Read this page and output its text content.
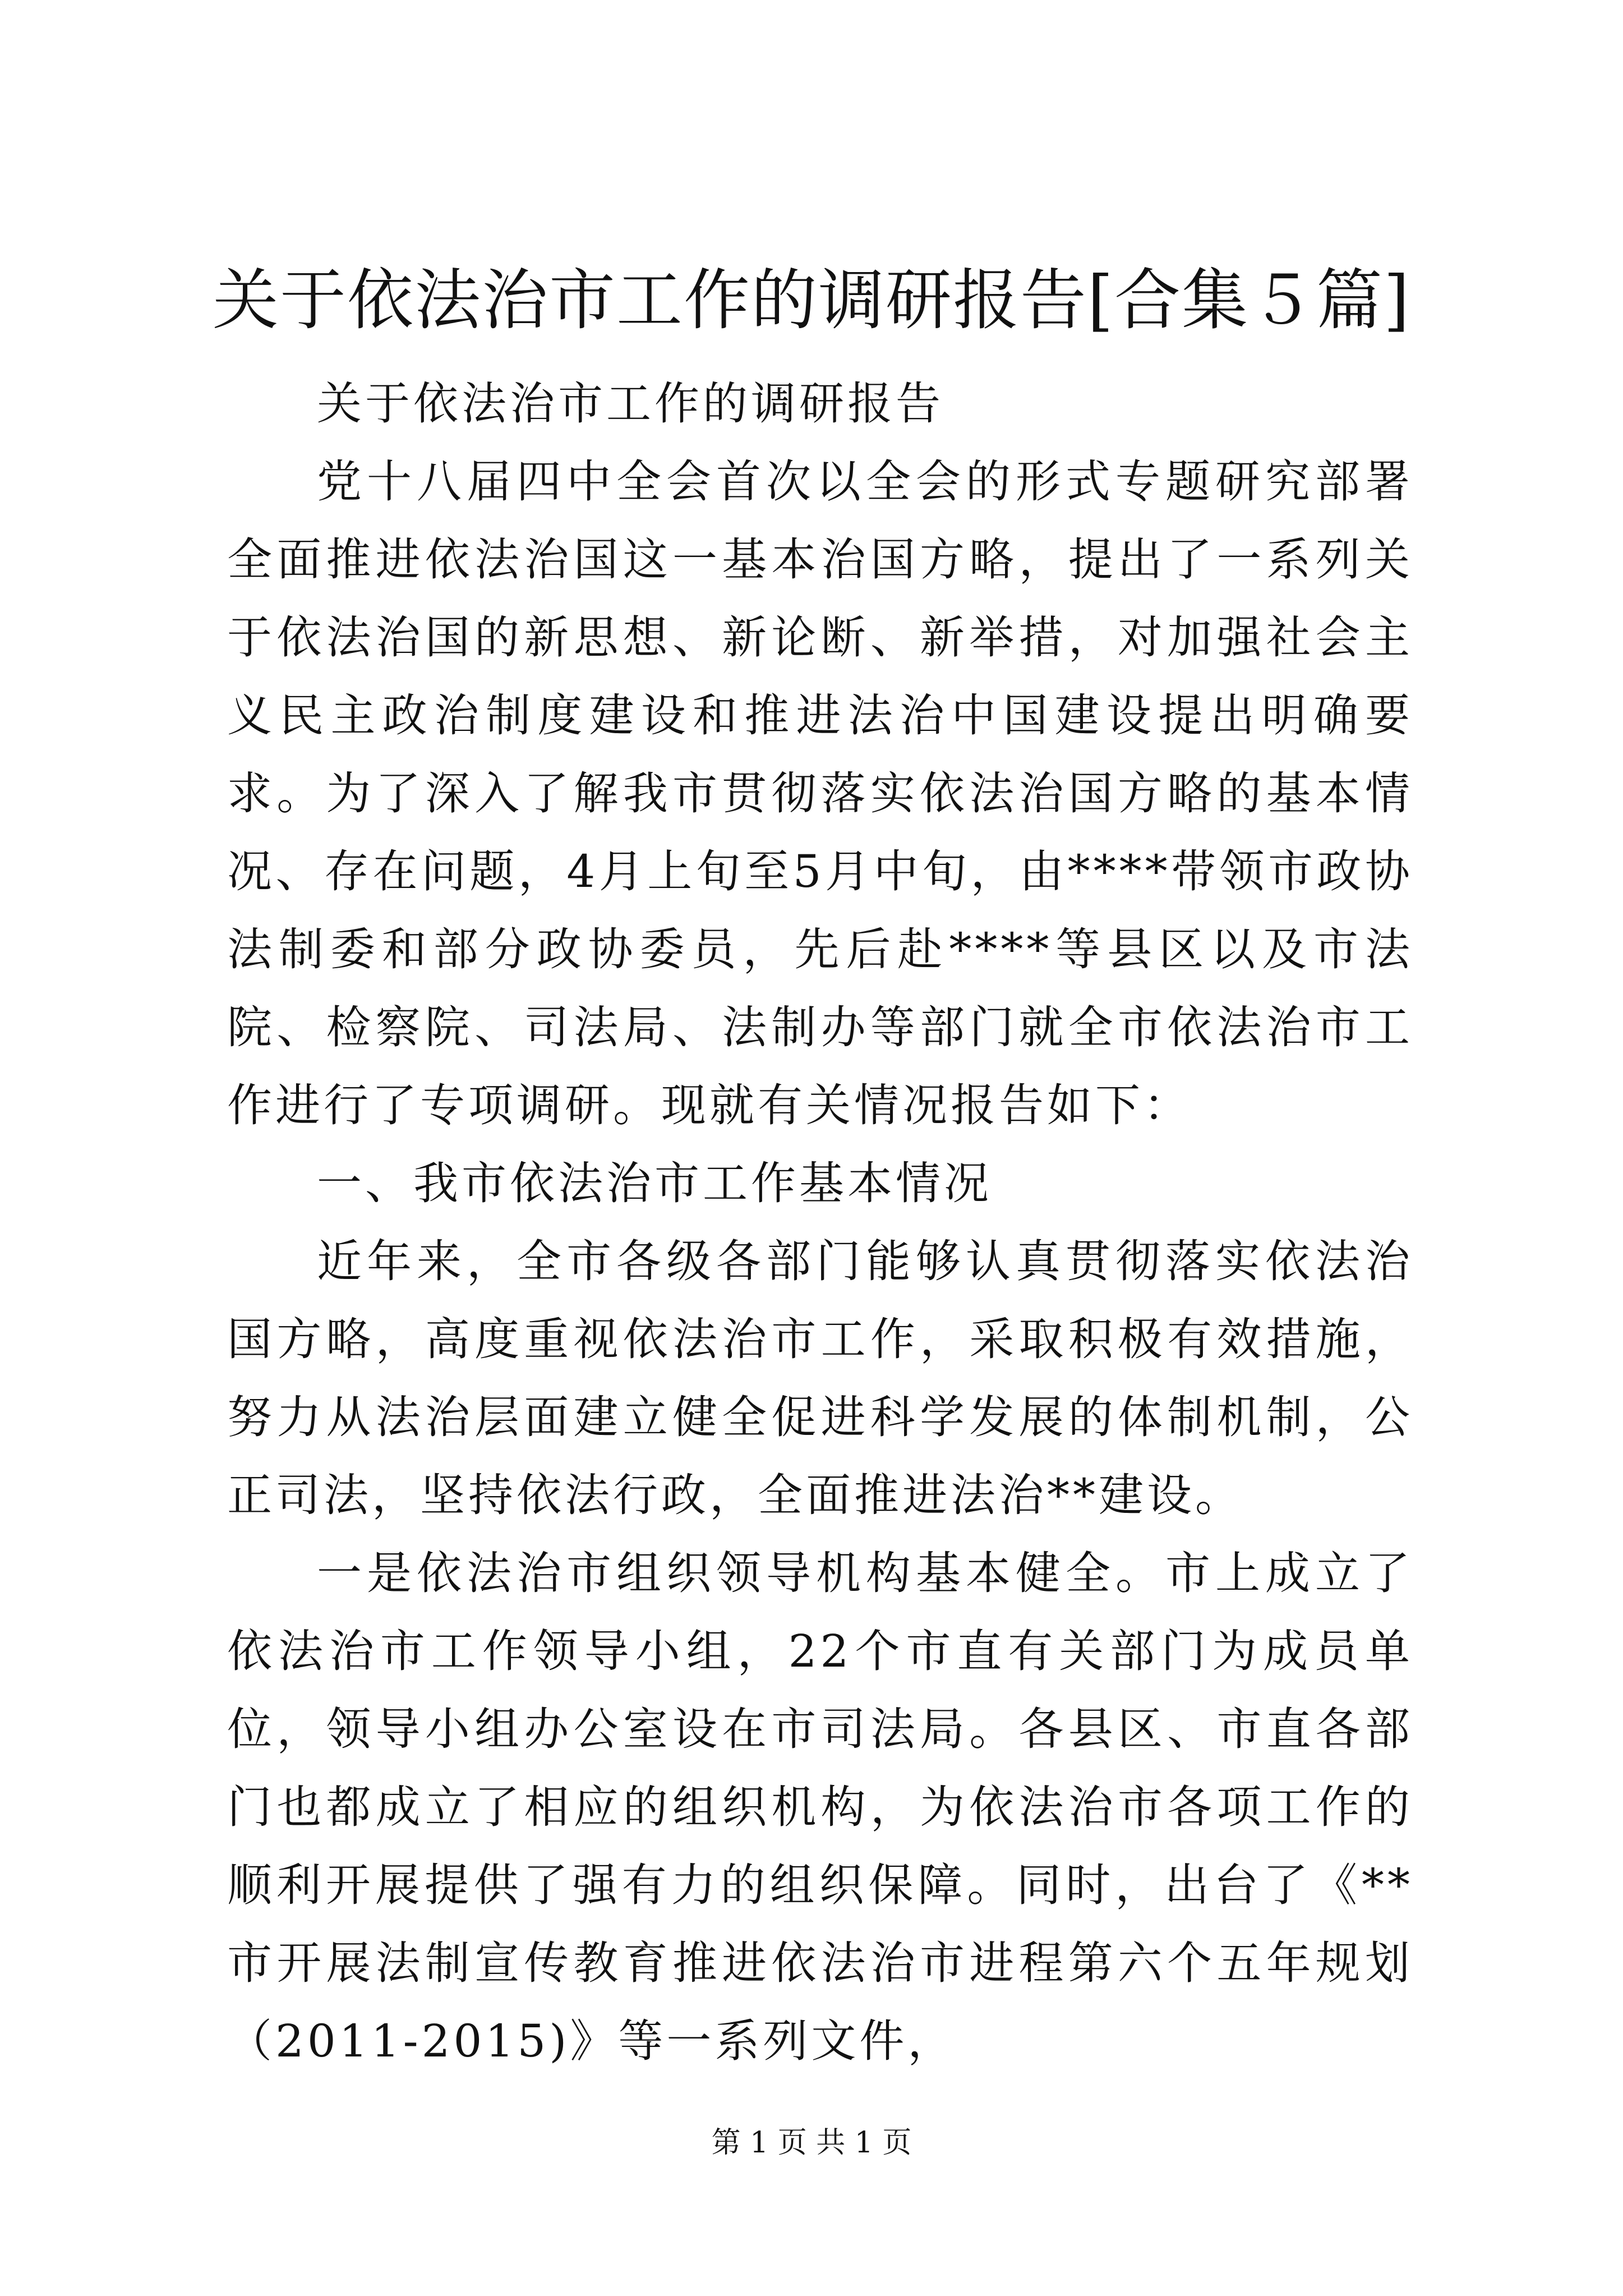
关于依法治市工作的调研报告[合集５篇]

关于依法治市工作的调研报告

党十八届四中全会首次以全会的形式专题研究部署全面推进依法治国这一基本治国方略，提出了一系列关于依法治国的新思想、新论断、新举措，对加强社会主义民主政治制度建设和推进法治中国建设提出明确要求。为了深入了解我市贯彻落实依法治国方略的基本情况、存在问题，4月上旬至5月中旬，由****带领市政协法制委和部分政协委员，先后赴****等县区以及市法院、检察院、司法局、法制办等部门就全市依法治市工作进行了专项调研。现就有关情况报告如下：

一、我市依法治市工作基本情况

近年来，全市各级各部门能够认真贯彻落实依法治国方略，高度重视依法治市工作，采取积极有效措施，努力从法治层面建立健全促进科学发展的体制机制，公正司法，坚持依法行政，全面推进法治**建设。

一是依法治市组织领导机构基本健全。市上成立了依法治市工作领导小组，22个市直有关部门为成员单位，领导小组办公室设在市司法局。各县区、市直各部门也都成立了相应的组织机构，为依法治市各项工作的顺利开展提供了强有力的组织保障。同时，出台了《**市开展法制宣传教育推进依法治市进程第六个五年规划（2011-2015)》等一系列文件，

第 1 页 共 1 页
